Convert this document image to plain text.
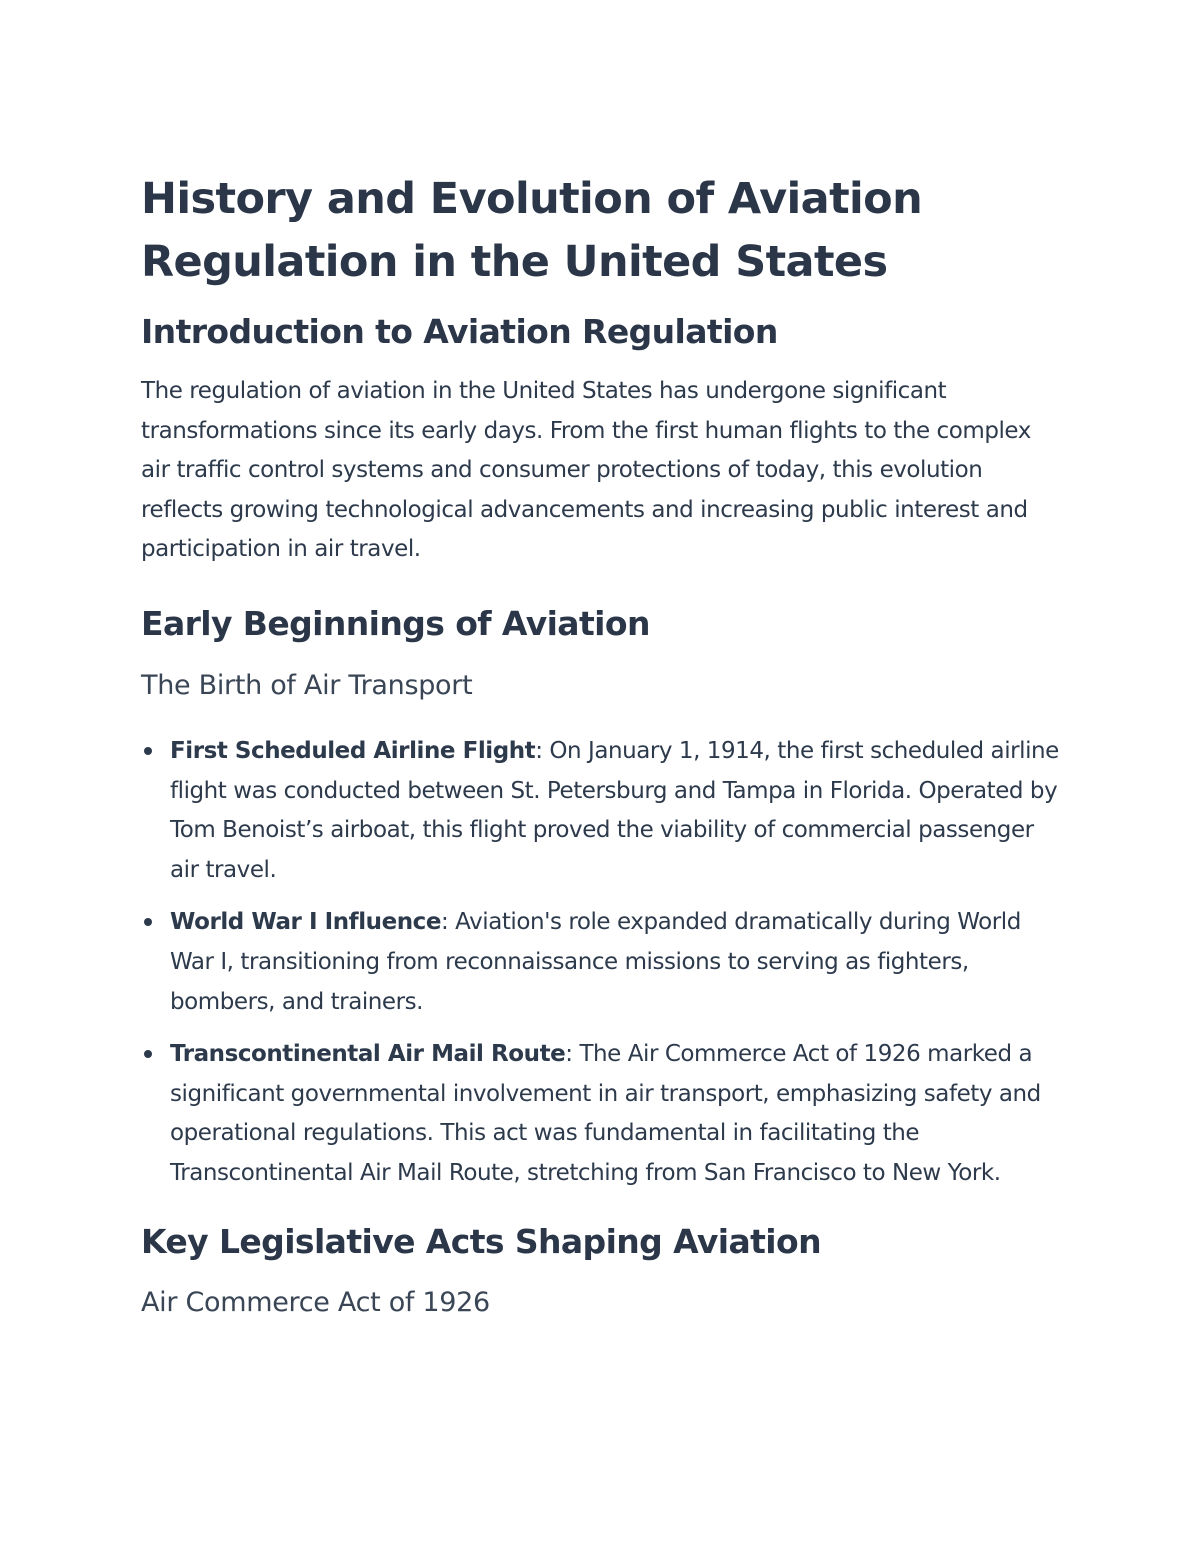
History and Evolution of Aviation Regulation in the United States
Introduction to Aviation Regulation

The regulation of aviation in the United States has undergone significant transformations since its early days. From the first human flights to the complex air traffic control systems and consumer protections of today, this evolution reflects growing technological advancements and increasing public interest and participation in air travel.

Early Beginnings of Aviation
The Birth of Air Transport
First Scheduled Airline Flight: On January 1, 1914, the first scheduled airline flight was conducted between St. Petersburg and Tampa in Florida. Operated by Tom Benoist’s airboat, this flight proved the viability of commercial passenger air travel.
World War I Influence: Aviation's role expanded dramatically during World War I, transitioning from reconnaissance missions to serving as fighters, bombers, and trainers.
Transcontinental Air Mail Route: The Air Commerce Act of 1926 marked a significant governmental involvement in air transport, emphasizing safety and operational regulations. This act was fundamental in facilitating the Transcontinental Air Mail Route, stretching from San Francisco to New York.
Key Legislative Acts Shaping Aviation
Air Commerce Act of 1926
